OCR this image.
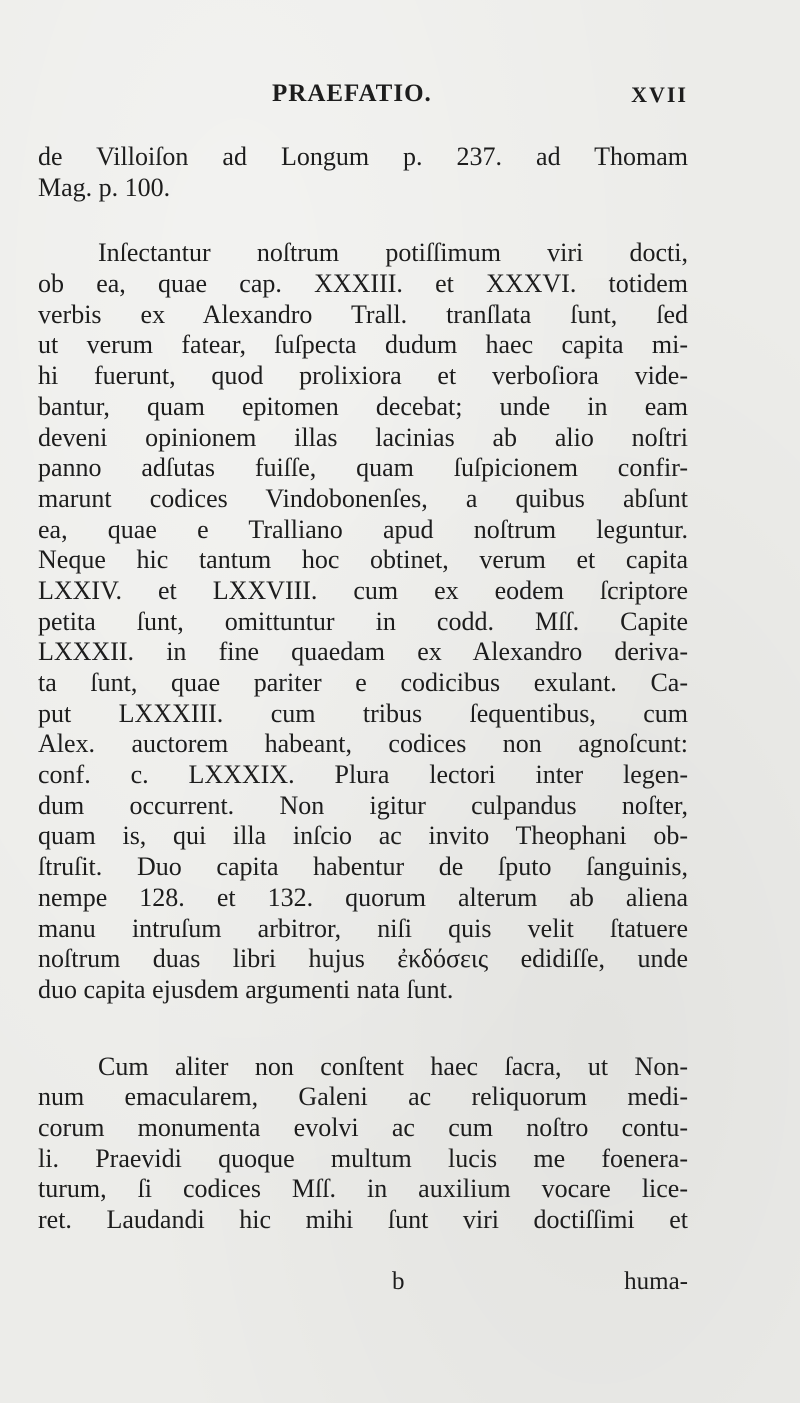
PRAEFATIO.	XVII
de Villoiſon ad Longum p. 237. ad Thomam
Mag. p. 100.
Inſectantur noſtrum potiſſimum viri docti,
ob ea, quae cap. XXXIII. et XXXVI. totidem
verbis ex Alexandro Trall. tranſlata ſunt, ſed
ut verum fatear, ſuſpecta dudum haec capita mi-
hi fuerunt, quod prolixiora et verboſiora vide-
bantur, quam epitomen decebat; unde in eam
deveni opinionem illas lacinias ab alio noſtri
panno adſutas fuiſſe, quam ſuſpicionem confir-
marunt codices Vindobonenſes, a quibus abſunt
ea, quae e Tralliano apud noſtrum leguntur.
Neque hic tantum hoc obtinet, verum et capita
LXXIV. et LXXVIII. cum ex eodem ſcriptore
petita ſunt, omittuntur in codd. Mſſ. Capite
LXXXII. in fine quaedam ex Alexandro deriva-
ta ſunt, quae pariter e codicibus exulant. Ca-
put LXXXIII. cum tribus ſequentibus, cum
Alex. auctorem habeant, codices non agnoſcunt:
conf. c. LXXXIX. Plura lectori inter legen-
dum occurrent. Non igitur culpandus noſter,
quam is, qui illa inſcio ac invito Theophani ob-
ſtruſit. Duo capita habentur de ſputo ſanguinis,
nempe 128. et 132. quorum alterum ab aliena
manu intruſum arbitror, niſi quis velit ſtatuere
noſtrum duas libri hujus ἐκδόσεις edidiſſe, unde
duo capita ejusdem argumenti nata ſunt.
Cum aliter non conſtent haec ſacra, ut Non-
num emacularem, Galeni ac reliquorum medi-
corum monumenta evolvi ac cum noſtro contu-
li. Praevidi quoque multum lucis me foenera-
turum, ſi codices Mſſ. in auxilium vocare lice-
ret. Laudandi hic mihi ſunt viri doctiſſimi et
b	huma-
